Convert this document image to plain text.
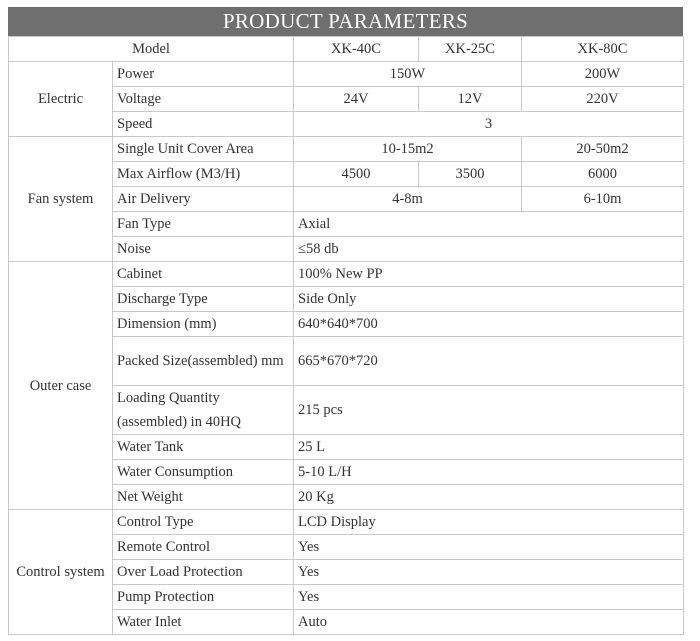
PRODUCT PARAMETERS
Model		XK-40C	XK-25C	XK-80C
Electric	Power	150W		200W
	Voltage	24V	12V	220V
	Speed	3		
Fan system	Single Unit Cover Area	10-15m2		20-50m2
	Max Airflow (M3/H)	4500	3500	6000
	Air Delivery	4-8m		6-10m
	Fan Type	Axial		
	Noise	≤58 db		
Outer case	Cabinet	100% New PP		
	Discharge Type	Side Only		
	Dimension (mm)	640*640*700		
	Packed Size(assembled) mm	665*670*720		
	Loading Quantity (assembled) in 40HQ	215 pcs		
	Water Tank	25 L		
	Water Consumption	5-10 L/H		
	Net Weight	20 Kg		
Control system	Control Type	LCD Display		
	Remote Control	Yes		
	Over Load Protection	Yes		
	Pump Protection	Yes		
	Water Inlet	Auto		
